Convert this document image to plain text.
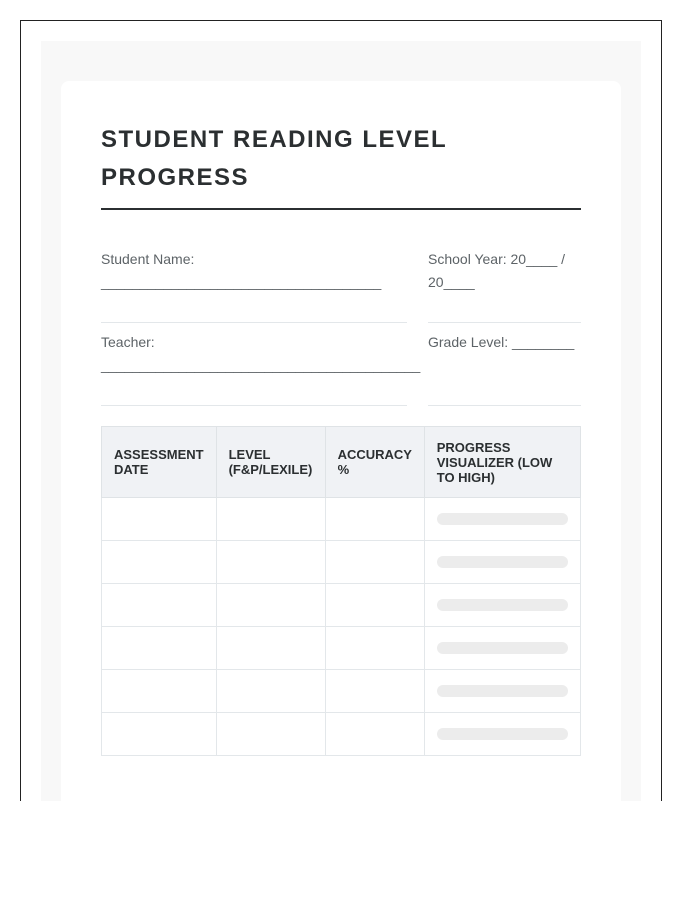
STUDENT READING LEVEL PROGRESS
Student Name: ____________________________________
School Year: 20____ / 20____
Teacher: _________________________________________
Grade Level: ________
ASSESSMENT DATE	LEVEL (F&P/LEXILE)	ACCURACY %	PROGRESS VISUALIZER (LOW TO HIGH)
